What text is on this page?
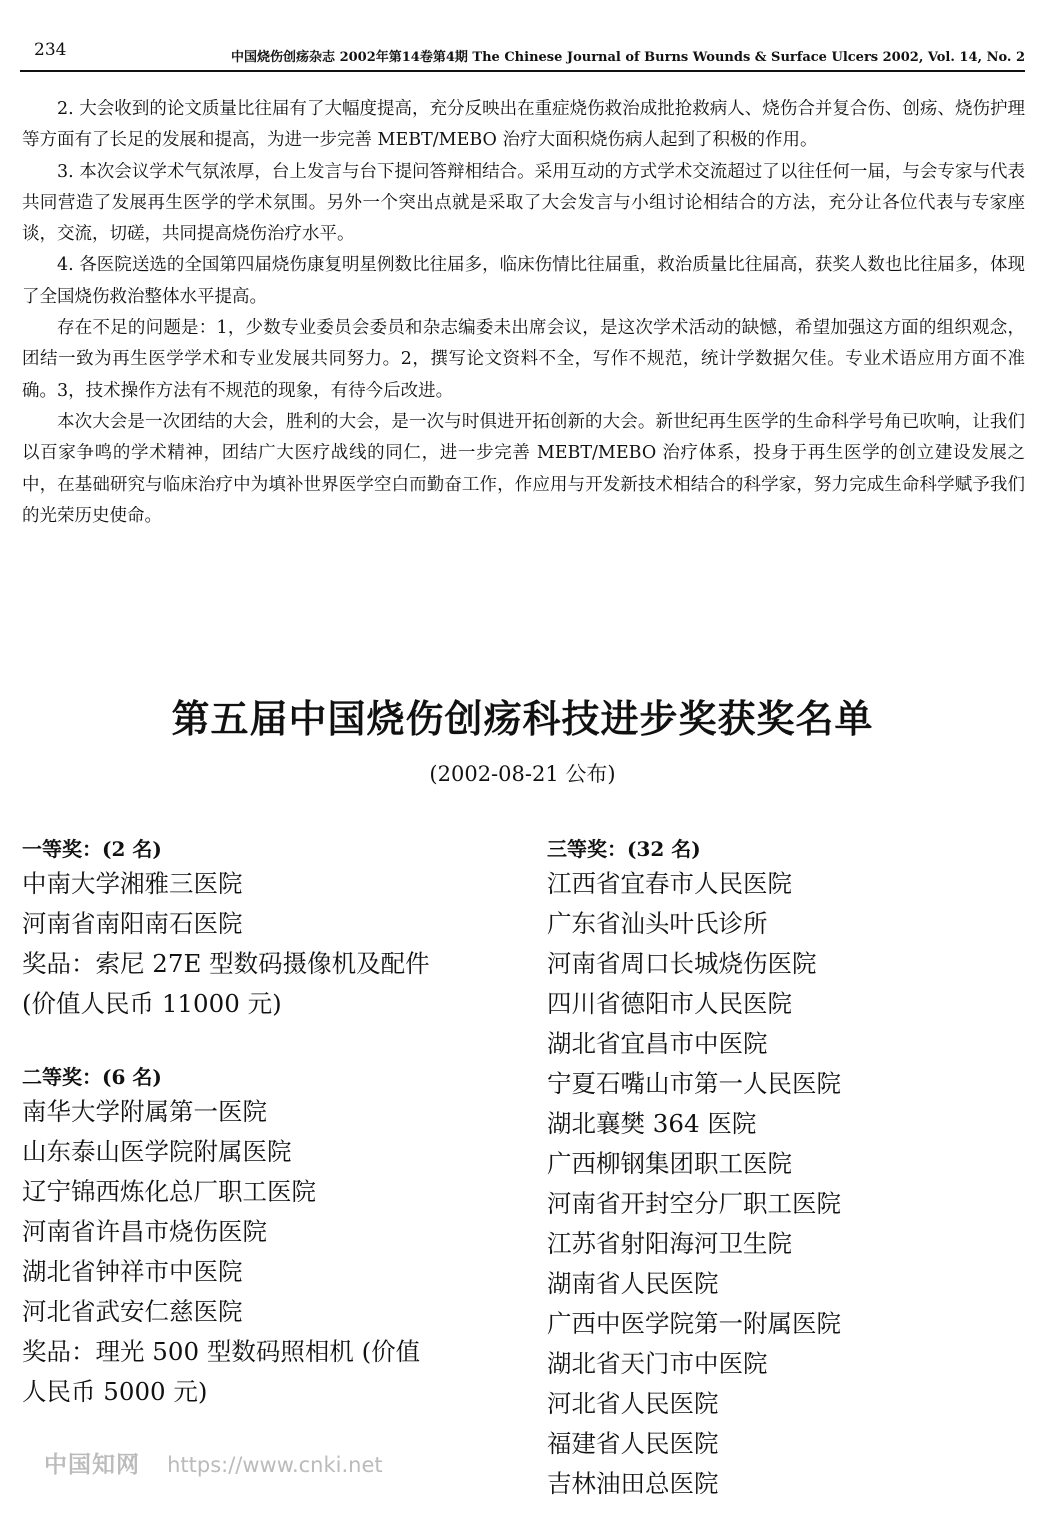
234	中国烧伤创疡杂志 2002年第14卷第4期 The Chinese Journal of Burns Wounds & Surface Ulcers 2002, Vol. 14, No. 2

2. 大会收到的论文质量比往届有了大幅度提高，充分反映出在重症烧伤救治成批抢救病人、烧伤合并复合伤、创疡、烧伤护理等方面有了长足的发展和提高，为进一步完善 MEBT/MEBO 治疗大面积烧伤病人起到了积极的作用。

3. 本次会议学术气氛浓厚，台上发言与台下提问答辩相结合。采用互动的方式学术交流超过了以往任何一届，与会专家与代表共同营造了发展再生医学的学术氛围。另外一个突出点就是采取了大会发言与小组讨论相结合的方法，充分让各位代表与专家座谈，交流，切磋，共同提高烧伤治疗水平。

4. 各医院送选的全国第四届烧伤康复明星例数比往届多，临床伤情比往届重，救治质量比往届高，获奖人数也比往届多，体现了全国烧伤救治整体水平提高。

存在不足的问题是：1，少数专业委员会委员和杂志编委未出席会议，是这次学术活动的缺憾，希望加强这方面的组织观念，团结一致为再生医学学术和专业发展共同努力。2，撰写论文资料不全，写作不规范，统计学数据欠佳。专业术语应用方面不准确。3，技术操作方法有不规范的现象，有待今后改进。

本次大会是一次团结的大会，胜利的大会，是一次与时俱进开拓创新的大会。新世纪再生医学的生命科学号角已吹响，让我们以百家争鸣的学术精神，团结广大医疗战线的同仁，进一步完善 MEBT/MEBO 治疗体系，投身于再生医学的创立建设发展之中，在基础研究与临床治疗中为填补世界医学空白而勤奋工作，作应用与开发新技术相结合的科学家，努力完成生命科学赋予我们的光荣历史使命。

第五届中国烧伤创疡科技进步奖获奖名单
(2002-08-21 公布)
一等奖：(2 名)
中南大学湘雅三医院
河南省南阳南石医院
奖品：索尼 27E 型数码摄像机及配件
(价值人民币 11000 元)
二等奖：(6 名)
南华大学附属第一医院
山东泰山医学院附属医院
辽宁锦西炼化总厂职工医院
河南省许昌市烧伤医院
湖北省钟祥市中医院
河北省武安仁慈医院
奖品：理光 500 型数码照相机 (价值
人民币 5000 元)
三等奖：(32 名)
江西省宜春市人民医院
广东省汕头叶氏诊所
河南省周口长城烧伤医院
四川省德阳市人民医院
湖北省宜昌市中医院
宁夏石嘴山市第一人民医院
湖北襄樊 364 医院
广西柳钢集团职工医院
河南省开封空分厂职工医院
江苏省射阳海河卫生院
湖南省人民医院
广西中医学院第一附属医院
湖北省天门市中医院
河北省人民医院
福建省人民医院
吉林油田总医院
中国知网 https://www.cnki.net
